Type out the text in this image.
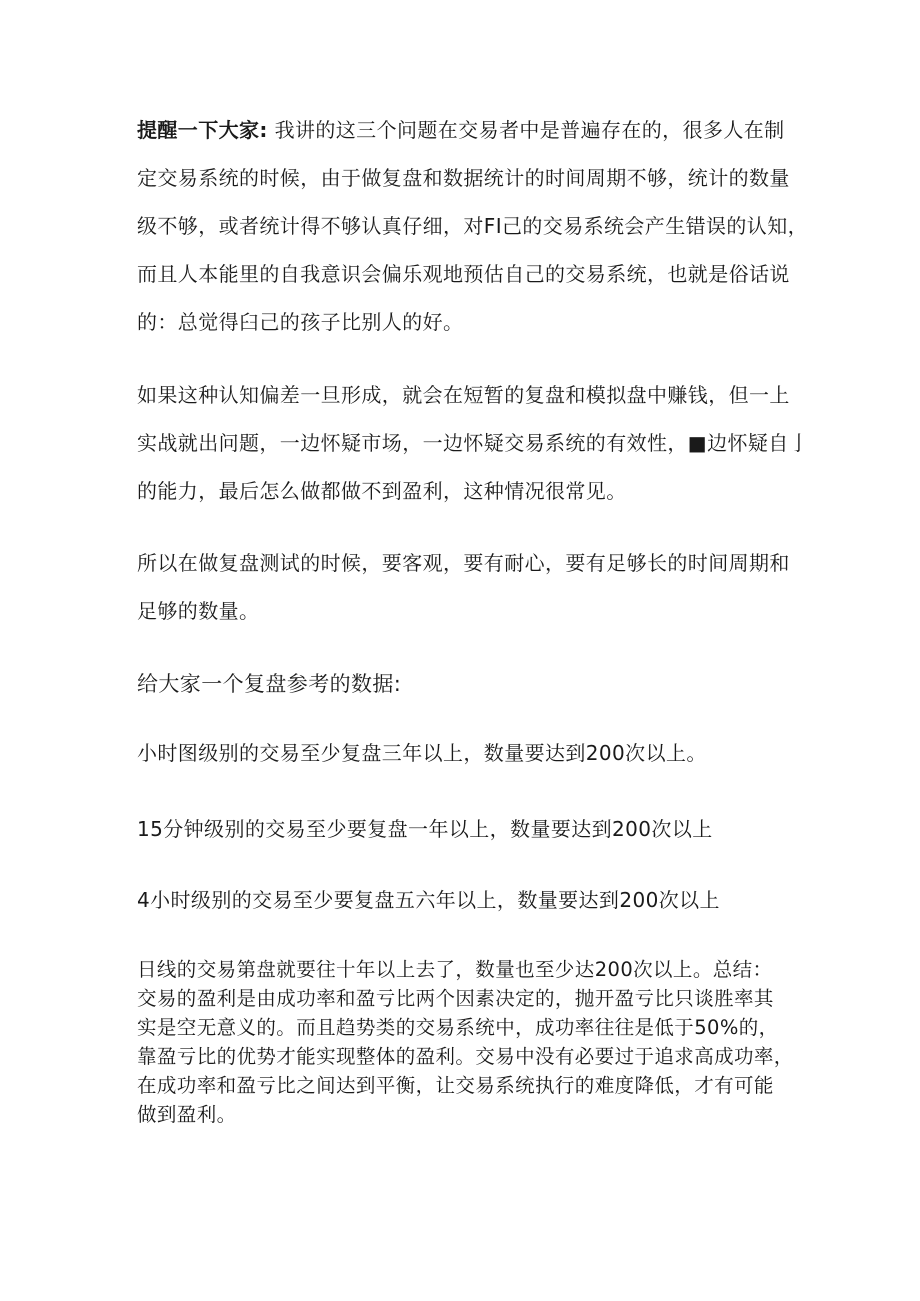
提醒一下大家: 我讲的这三个问题在交易者中是普遍存在的，很多人在制
定交易系统的时候，由于做复盘和数据统计的时间周期不够，统计的数量
级不够，或者统计得不够认真仔细，对FI己的交易系统会产生错误的认知，
而且人本能里的自我意识会偏乐观地预估自己的交易系统，也就是俗话说
的：总觉得臼己的孩子比别人的好。
如果这种认知偏差一旦形成，就会在短暂的复盘和模拟盘中赚钱，但一上
实战就出问题，一边怀疑市场，一边怀疑交易系统的有效性，■边怀疑自亅
的能力，最后怎么做都做不到盈利，这种情况很常见。
所以在做复盘测试的时候，要客观，要有耐心，要有足够长的时间周期和
足够的数量。
给大家一个复盘参考的数据:
小时图级别的交易至少复盘三年以上，数量要达到200次以上。
15分钟级别的交易至少要复盘一年以上，数量要达到200次以上
4小时级别的交易至少要复盘五六年以上，数量要达到200次以上
日线的交易第盘就要往十年以上去了，数量也至少达200次以上。总结：
交易的盈利是由成功率和盈亏比两个因素决定的，抛开盈亏比只谈胜率其
实是空无意义的。而且趋势类的交易系统中，成功率往往是低于50%的，
靠盈亏比的优势才能实现整体的盈利。交易中没有必要过于追求高成功率，
在成功率和盈亏比之间达到平衡，让交易系统执行的难度降低，才有可能
做到盈利。
